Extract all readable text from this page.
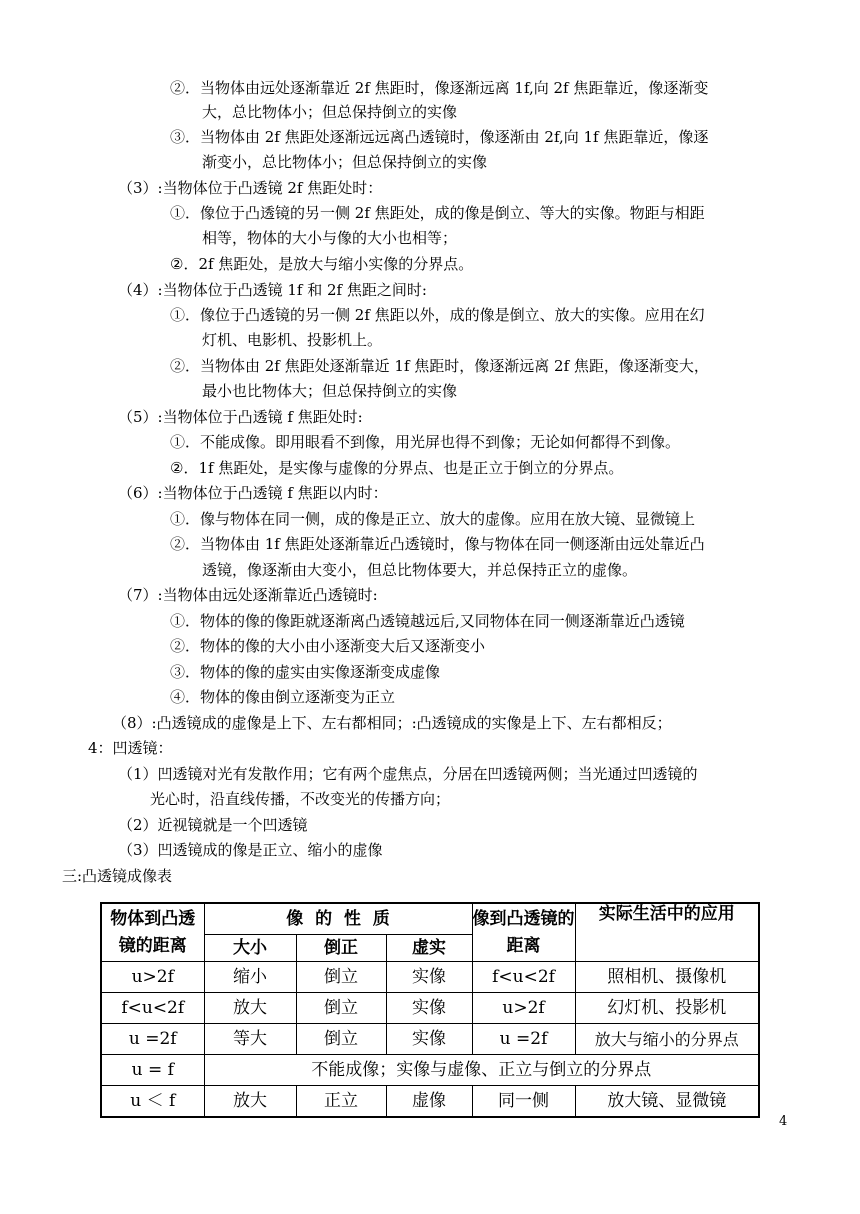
②．当物体由远处逐渐靠近 2f 焦距时，像逐渐远离 1f,向 2f 焦距靠近，像逐渐变
大，总比物体小；但总保持倒立的实像
③．当物体由 2f 焦距处逐渐远远离凸透镜时，像逐渐由 2f,向 1f 焦距靠近，像逐
渐变小，总比物体小；但总保持倒立的实像
（3）:当物体位于凸透镜 2f 焦距处时：
①．像位于凸透镜的另一侧 2f 焦距处，成的像是倒立、等大的实像。物距与相距
相等，物体的大小与像的大小也相等；
②．2f 焦距处，是放大与缩小实像的分界点。
（4）:当物体位于凸透镜 1f 和 2f 焦距之间时:
①．像位于凸透镜的另一侧 2f 焦距以外，成的像是倒立、放大的实像。应用在幻
灯机、电影机、投影机上。
②．当物体由 2f 焦距处逐渐靠近 1f 焦距时，像逐渐远离 2f 焦距，像逐渐变大，
最小也比物体大；但总保持倒立的实像
（5）:当物体位于凸透镜 f 焦距处时:
①．不能成像。即用眼看不到像，用光屏也得不到像；无论如何都得不到像。
②．1f 焦距处，是实像与虚像的分界点、也是正立于倒立的分界点。
（6）:当物体位于凸透镜 f 焦距以内时：
①．像与物体在同一侧，成的像是正立、放大的虚像。应用在放大镜、显微镜上
②．当物体由 1f 焦距处逐渐靠近凸透镜时，像与物体在同一侧逐渐由远处靠近凸
透镜，像逐渐由大变小，但总比物体要大，并总保持正立的虚像。
（7）:当物体由远处逐渐靠近凸透镜时:
①．物体的像的像距就逐渐离凸透镜越远后,又同物体在同一侧逐渐靠近凸透镜
②．物体的像的大小由小逐渐变大后又逐渐变小
③．物体的像的虚实由实像逐渐变成虚像
④．物体的像由倒立逐渐变为正立
（8）:凸透镜成的虚像是上下、左右都相同；:凸透镜成的实像是上下、左右都相反；
4：凹透镜：
（1）凹透镜对光有发散作用；它有两个虚焦点，分居在凹透镜两侧；当光通过凹透镜的
光心时，沿直线传播，不改变光的传播方向；
（2）近视镜就是一个凹透镜
（3）凹透镜成的像是正立、缩小的虚像
三:凸透镜成像表
物体到凸透镜的距离	像  的  性  质			像到凸透镜的距离	实际生活中的应用
	大小	倒正	虚实		
u>2f	缩小	倒立	实像	f<u<2f	照相机、摄像机
f<u<2f	放大	倒立	实像	u>2f	幻灯机、投影机
u =2f	等大	倒立	实像	u =2f	放大与缩小的分界点
u = f	不能成像；实像与虚像、正立与倒立的分界点				
u ＜ f	放大	正立	虚像	同一侧	放大镜、显微镜
4
